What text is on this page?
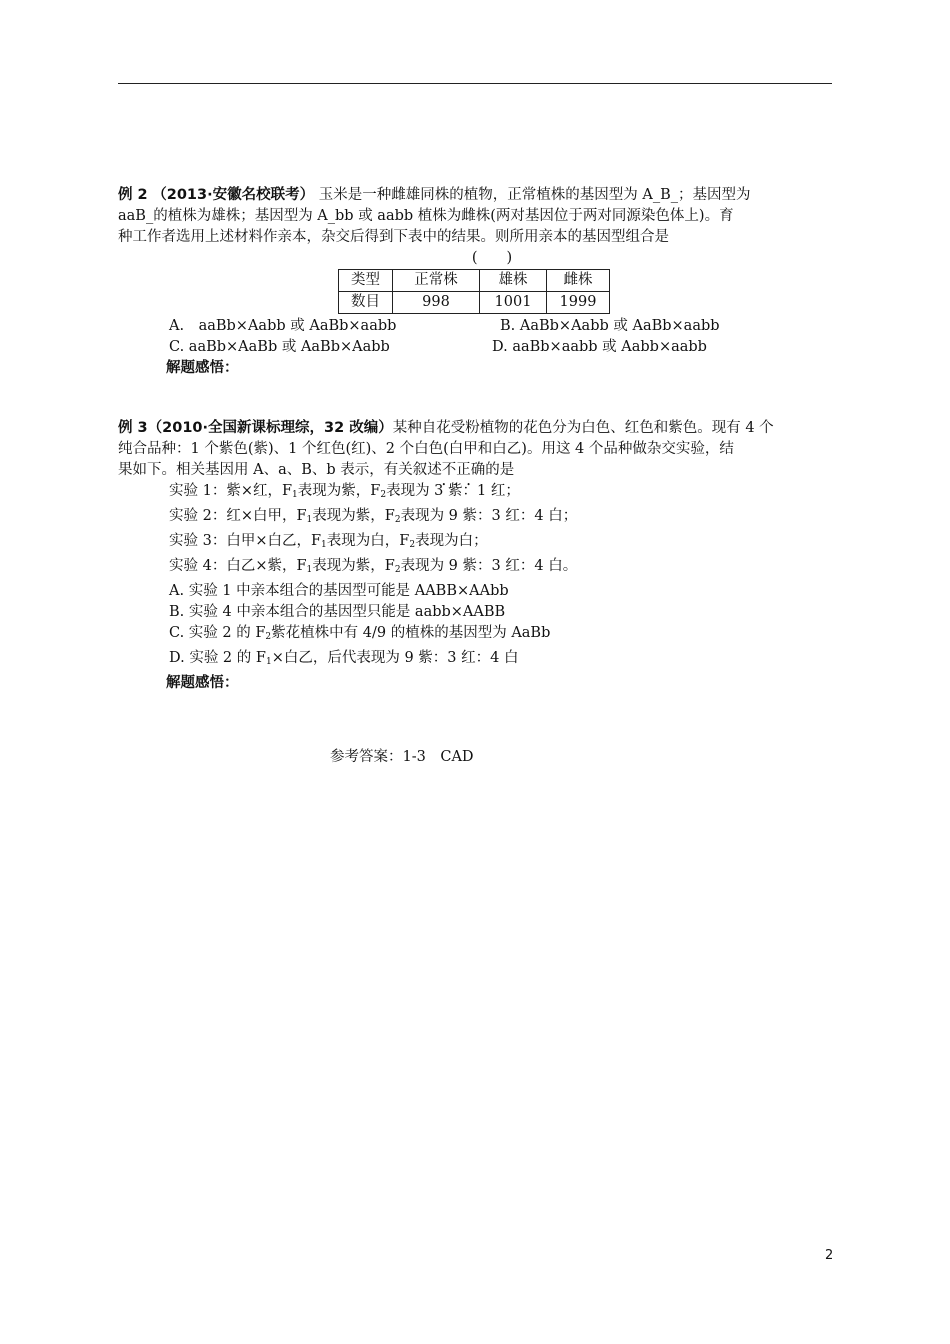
例 2 （2013·安徽名校联考） 玉米是一种雌雄同株的植物，正常植株的基因型为 A_B_；基因型为
aaB_的植株为雄株；基因型为 A_bb 或 aabb 植株为雌株(两对基因位于两对同源染色体上)。育
种工作者选用上述材料作亲本，杂交后得到下表中的结果。则所用亲本的基因型组合是
(　　)
类型	正常株	雄株	雌株
数目	998	1001	1999
A.　aaBb×Aabb 或 AaBb×aabb	B. AaBb×Aabb 或 AaBb×aabb
C. aaBb×AaBb 或 AaBb×Aabb	D. aaBb×aabb 或 Aabb×aabb
解题感悟：
例 3（2010·全国新课标理综，32 改编）某种自花受粉植物的花色分为白色、红色和紫色。现有 4 个
纯合品种：1 个紫色(紫)、1 个红色(红)、2 个白色(白甲和白乙)。用这 4 个品种做杂交实验，结
果如下。相关基因用 A、a、B、b 表示，有关叙述不正确 • • •的是
实验 1：紫×红，$F_1$表现为紫，$F_2$表现为 3 紫：1 红；
实验 2：红×白甲，$F_1$表现为紫，$F_2$表现为 9 紫：3 红：4 白；
实验 3：白甲×白乙，$F_1$表现为白，$F_2$表现为白；
实验 4：白乙×紫，$F_1$表现为紫，$F_2$表现为 9 紫：3 红：4 白。
A. 实验 1 中亲本组合的基因型可能是 AABB×AAbb
B. 实验 4 中亲本组合的基因型只能是 aabb×AABB
C. 实验 2 的 $F_2$紫花植株中有 4/9 的植株的基因型为 AaBb
D. 实验 2 的 $F_1\times$白乙，后代表现为 9 紫：3 红：4 白
解题感悟：
参考答案：1-3　CAD
2
